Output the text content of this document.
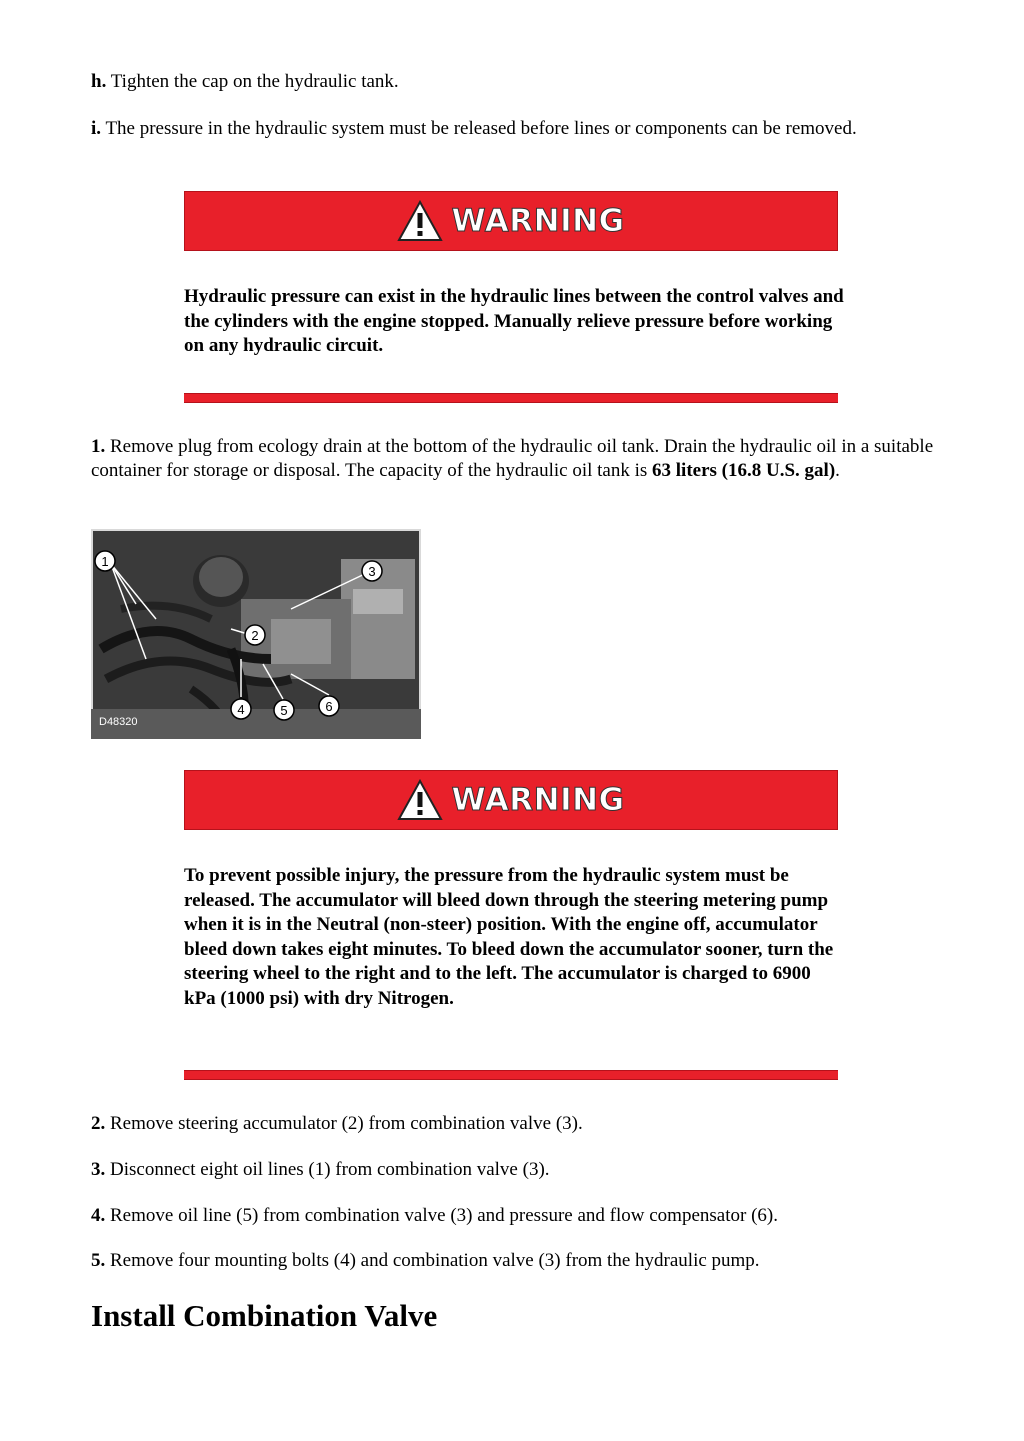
h. Tighten the cap on the hydraulic tank.

i. The pressure in the hydraulic system must be released before lines or components can be removed.

WARNING

Hydraulic pressure can exist in the hydraulic lines between the control valves and the cylinders with the engine stopped. Manually relieve pressure before working on any hydraulic circuit.

1. Remove plug from ecology drain at the bottom of the hydraulic oil tank. Drain the hydraulic oil in a suitable container for storage or disposal. The capacity of the hydraulic oil tank is 63 liters (16.8 U.S. gal).

1
2
3
4	5	6
D48320
WARNING

To prevent possible injury, the pressure from the hydraulic system must be released. The accumulator will bleed down through the steering metering pump when it is in the Neutral (non-steer) position. With the engine off, accumulator bleed down takes eight minutes. To bleed down the accumulator sooner, turn the steering wheel to the right and to the left. The accumulator is charged to 6900 kPa (1000 psi) with dry Nitrogen.

2. Remove steering accumulator (2) from combination valve (3).

3. Disconnect eight oil lines (1) from combination valve (3).

4. Remove oil line (5) from combination valve (3) and pressure and flow compensator (6).

5. Remove four mounting bolts (4) and combination valve (3) from the hydraulic pump.

Install Combination Valve
